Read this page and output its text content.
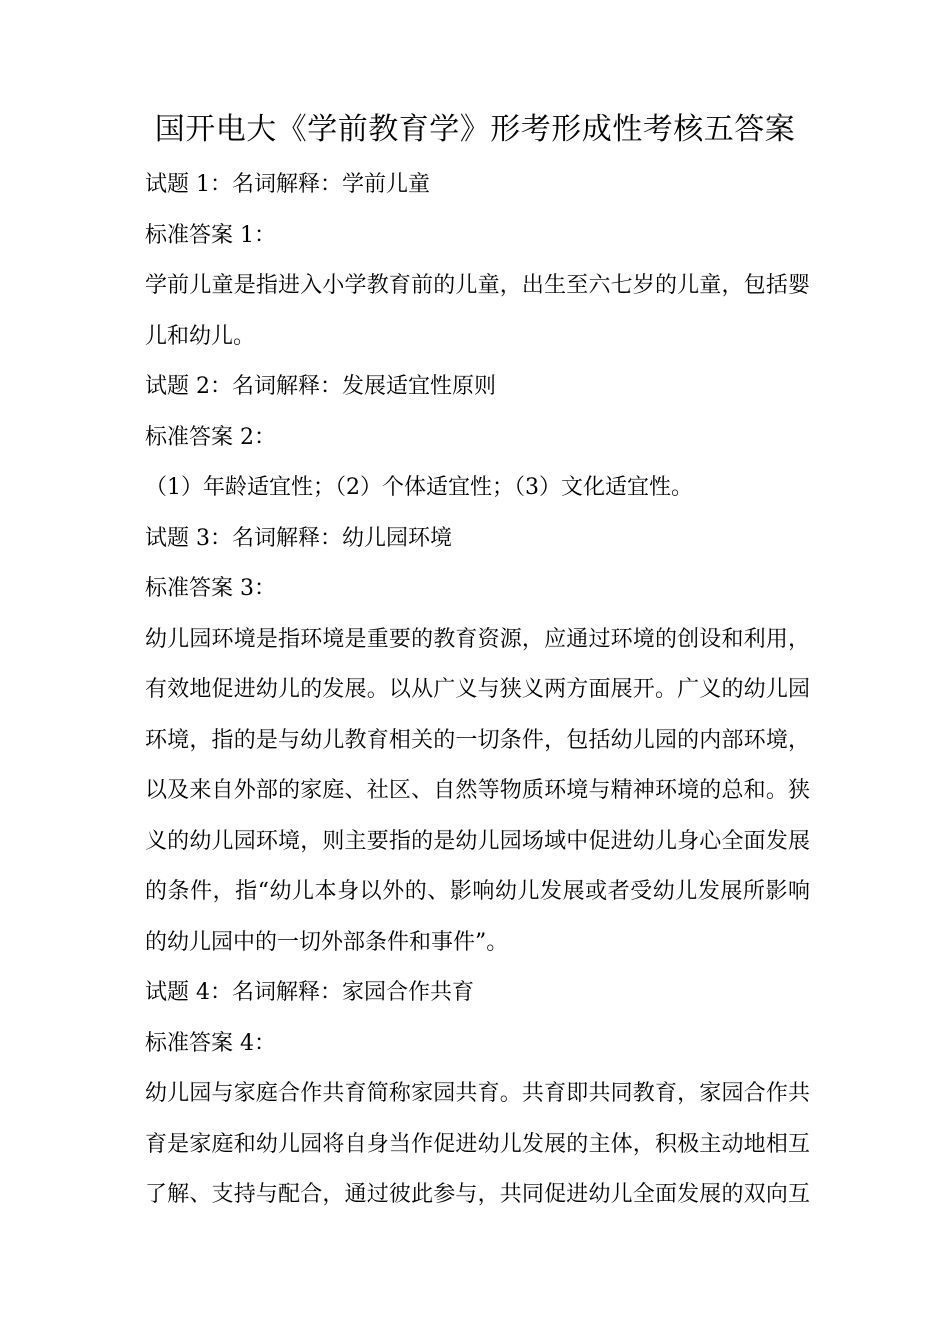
国开电大《学前教育学》形考形成性考核五答案
试题 1：名词解释：学前儿童
标准答案 1：
学前儿童是指进入小学教育前的儿童，出生至六七岁的儿童，包括婴
儿和幼儿。
试题 2：名词解释：发展适宜性原则
标准答案 2：
（1）年龄适宜性；（2）个体适宜性；（3）文化适宜性。
试题 3：名词解释：幼儿园环境
标准答案 3：
幼儿园环境是指环境是重要的教育资源，应通过环境的创设和利用，
有效地促进幼儿的发展。以从广义与狭义两方面展开。广义的幼儿园
环境，指的是与幼儿教育相关的一切条件，包括幼儿园的内部环境，
以及来自外部的家庭、社区、自然等物质环境与精神环境的总和。狭
义的幼儿园环境，则主要指的是幼儿园场域中促进幼儿身心全面发展
的条件，指“幼儿本身以外的、影响幼儿发展或者受幼儿发展所影响
的幼儿园中的一切外部条件和事件”。
试题 4：名词解释：家园合作共育
标准答案 4：
幼儿园与家庭合作共育简称家园共育。共育即共同教育，家园合作共
育是家庭和幼儿园将自身当作促进幼儿发展的主体，积极主动地相互
了解、支持与配合，通过彼此参与，共同促进幼儿全面发展的双向互
